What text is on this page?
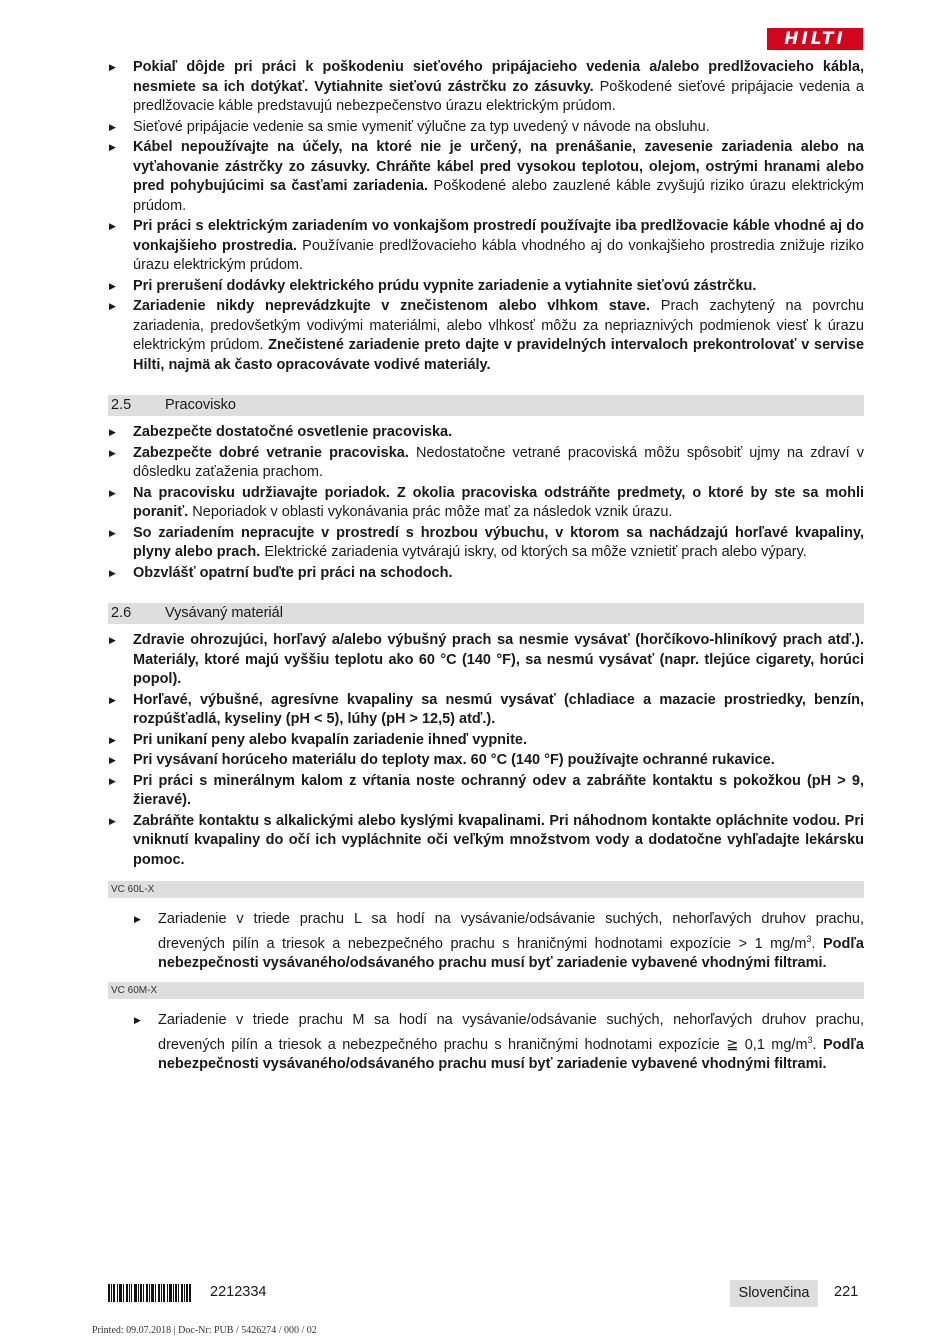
HILTI
▶ Pokiaľ dôjde pri práci k poškodeniu sieťového pripájacieho vedenia a/alebo predlžovacieho kábla, nesmiete sa ich dotýkať. Vytiahnite sieťovú zástrčku zo zásuvky. Poškodené sieťové pripájacie vedenia a predlžovacie káble predstavujú nebezpečenstvo úrazu elektrickým prúdom.
▶ Sieťové pripájacie vedenie sa smie vymeniť výlučne za typ uvedený v návode na obsluhu.
▶ Kábel nepoužívajte na účely, na ktoré nie je určený, na prenášanie, zavesenie zariadenia alebo na vyťahovanie zástrčky zo zásuvky. Chráňte kábel pred vysokou teplotou, olejom, ostrými hranami alebo pred pohybujúcimi sa časťami zariadenia. Poškodené alebo zauzlené káble zvyšujú riziko úrazu elektrickým prúdom.
▶ Pri práci s elektrickým zariadením vo vonkajšom prostredí používajte iba predlžovacie káble vhodné aj do vonkajšieho prostredia. Používanie predlžovacieho kábla vhodného aj do vonkajšieho prostredia znižuje riziko úrazu elektrickým prúdom.
▶ Pri prerušení dodávky elektrického prúdu vypnite zariadenie a vytiahnite sieťovú zástrčku.
▶ Zariadenie nikdy neprevádzkujte v znečistenom alebo vlhkom stave. Prach zachytený na povrchu zariadenia, predovšetkým vodivými materiálmi, alebo vlhkosť môžu za nepriaznivých podmienok viesť k úrazu elektrickým prúdom. Znečistené zariadenie preto dajte v pravidelných intervaloch prekontrolovať v servise Hilti, najmä ak často opracovávate vodivé materiály.
2.5	Pracovisko
▶ Zabezpečte dostatočné osvetlenie pracoviska.
▶ Zabezpečte dobré vetranie pracoviska. Nedostatočne vetrané pracoviská môžu spôsobiť ujmy na zdraví v dôsledku zaťaženia prachom.
▶ Na pracovisku udržiavajte poriadok. Z okolia pracoviska odstráňte predmety, o ktoré by ste sa mohli poraniť. Neporiadok v oblasti vykonávania prác môže mať za následok vznik úrazu.
▶ So zariadením nepracujte v prostredí s hrozbou výbuchu, v ktorom sa nachádzajú horľavé kvapaliny, plyny alebo prach. Elektrické zariadenia vytvárajú iskry, od ktorých sa môže vznietiť prach alebo výpary.
▶ Obzvlášť opatrní buďte pri práci na schodoch.
2.6	Vysávaný materiál
▶ Zdravie ohrozujúci, horľavý a/alebo výbušný prach sa nesmie vysávať (horčíkovo-hliníkový prach atď.). Materiály, ktoré majú vyššiu teplotu ako 60 °C (140 °F), sa nesmú vysávať (napr. tlejúce cigarety, horúci popol).
▶ Horľavé, výbušné, agresívne kvapaliny sa nesmú vysávať (chladiace a mazacie prostriedky, benzín, rozpúšťadlá, kyseliny (pH < 5), lúhy (pH > 12,5) atď.).
▶ Pri unikaní peny alebo kvapalín zariadenie ihneď vypnite.
▶ Pri vysávaní horúceho materiálu do teploty max. 60 °C (140 °F) používajte ochranné rukavice.
▶ Pri práci s minerálnym kalom z vŕtania noste ochranný odev a zabráňte kontaktu s pokožkou (pH > 9, žieravé).
▶ Zabráňte kontaktu s alkalickými alebo kyslými kvapalinami. Pri náhodnom kontakte opláchnite vodou. Pri vniknutí kvapaliny do očí ich vypláchnite oči veľkým množstvom vody a dodatočne vyhľadajte lekársku pomoc.
VC 60L-X
▶ Zariadenie v triede prachu L sa hodí na vysávanie/odsávanie suchých, nehorľavých druhov prachu, drevených pilín a triesok a nebezpečného prachu s hraničnými hodnotami expozície > 1 $mg/m^3$. Podľa nebezpečnosti vysávaného/odsávaného prachu musí byť zariadenie vybavené vhodnými filtrami.
VC 60M-X
▶ Zariadenie v triede prachu M sa hodí na vysávanie/odsávanie suchých, nehorľavých druhov prachu, drevených pilín a triesok a nebezpečného prachu s hraničnými hodnotami expozície ≧ 0,1 $mg/m^3$. Podľa nebezpečnosti vysávaného/odsávaného prachu musí byť zariadenie vybavené vhodnými filtrami.
2212334	Slovenčina	221
Printed: 09.07.2018 | Doc-Nr: PUB / 5426274 / 000 / 02
